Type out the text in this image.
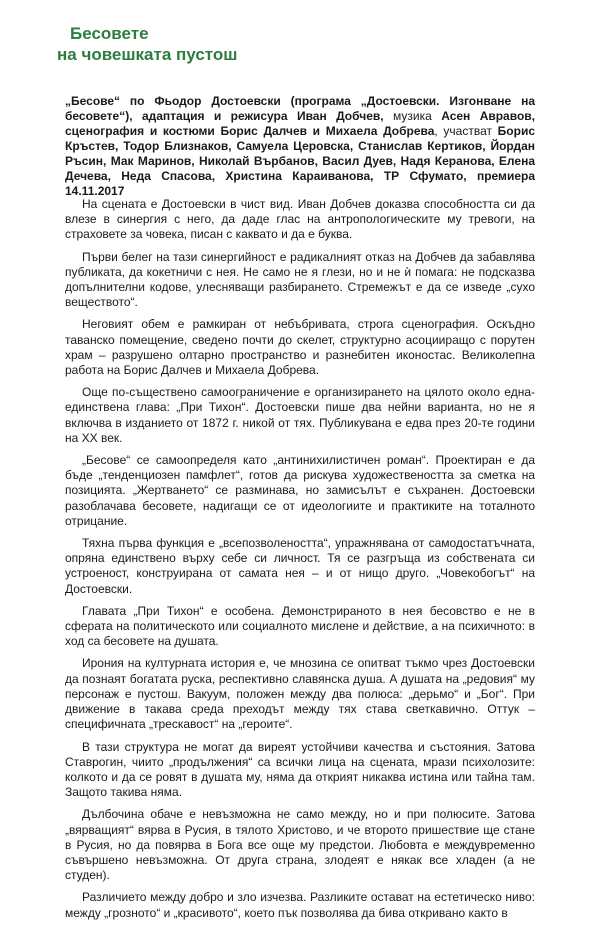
Бесовете
на човешката пустош
„Бесове“ по Фьодор Достоевски (програма „Достоевски. Изгонване на бесовете“), адаптация и режисура Иван Добчев, музика Асен Авравов, сценография и костюми Борис Далчев и Михаела Добрева, участват Борис Кръстев, Тодор Близнаков, Самуела Церовска, Станислав Кертиков, Йордан Ръсин, Мак Маринов, Николай Върбанов, Васил Дуев, Надя Керанова, Елена Дечева, Неда Спасова, Христина Караиванова, ТР Сфумато, премиера 14.11.2017

На сцената е Достоевски в чист вид. Иван Добчев доказва способността си да влезе в синергия с него, да даде глас на антропологическите му тревоги, на страховете за човека, писан с каквато и да е буква.

Първи белег на тази синергийност е радикалният отказ на Добчев да забавлява публиката, да кокетничи с нея. Не само не я глези, но и не ѝ помага: не подсказва допълнителни кодове, улесняващи разбирането. Стремежът е да се изведе „сухо веществото“.

Неговият обем е рамкиран от небъбривата, строга сценография. Оскъдно таванско помещение, сведено почти до скелет, структурно асоцииращо с порутен храм – разрушено олтарно пространство и разнебитен иконостас. Великолепна работа на Борис Далчев и Михаела Добрева.

Още по-съществено самоограничение е организирането на цялото около една-единствена глава: „При Тихон“. Достоевски пише два нейни варианта, но не я включва в изданието от 1872 г. никой от тях. Публикувана е едва през 20-те години на XX век.

„Бесове“ се самоопределя като „антинихилистичен роман“. Проектиран е да бъде „тенденциозен памфлет“, готов да рискува художествеността за сметка на позицията. „Жертването“ се разминава, но замисълът е съхранен. Достоевски разоблачава бесовете, надигащи се от идеологиите и практиките на тоталното отрицание.

Тяхна първа функция е „всепозволеността“, упражнявана от самодостатъчната, опряна единствено върху себе си личност. Тя се разгръща из собствената си устроеност, конструирана от самата нея – и от нищо друго. „Човекобогът“ на Достоевски.

Главата „При Тихон“ е особена. Демонстрираното в нея бесовство е не в сферата на политическото или социалното мислене и действие, а на психичното: в ход са бесовете на душата.

Ирония на културната история е, че мнозина се опитват тъкмо чрез Достоевски да познаят богатата руска, респективно славянска душа. А душата на „редовия“ му персонаж е пустош. Вакуум, положен между два полюса: „дерьмо“ и „Бог“. При движение в такава среда преходът между тях става светкавично. Оттук – специфичната „трескавост“ на „героите“.

В тази структура не могат да виреят устойчиви качества и състояния. Затова Ставрогин, чиито „продължения“ са всички лица на сцената, мрази психолозите: колкото и да се ровят в душата му, няма да открият никаква истина или тайна там. Защото такива няма.

Дълбочина обаче е невъзможна не само между, но и при полюсите. Затова „вярващият“ вярва в Русия, в тялото Христово, и че второто пришествие ще стане в Русия, но да повярва в Бога все още му предстои. Любовта е междувременно съвършено невъзможна. От друга страна, злодеят е някак все хладен (а не студен).

Различието между добро и зло изчезва. Разликите остават на естетическо ниво: между „грозното“ и „красивото“, което пък позволява да бива откривано както в
